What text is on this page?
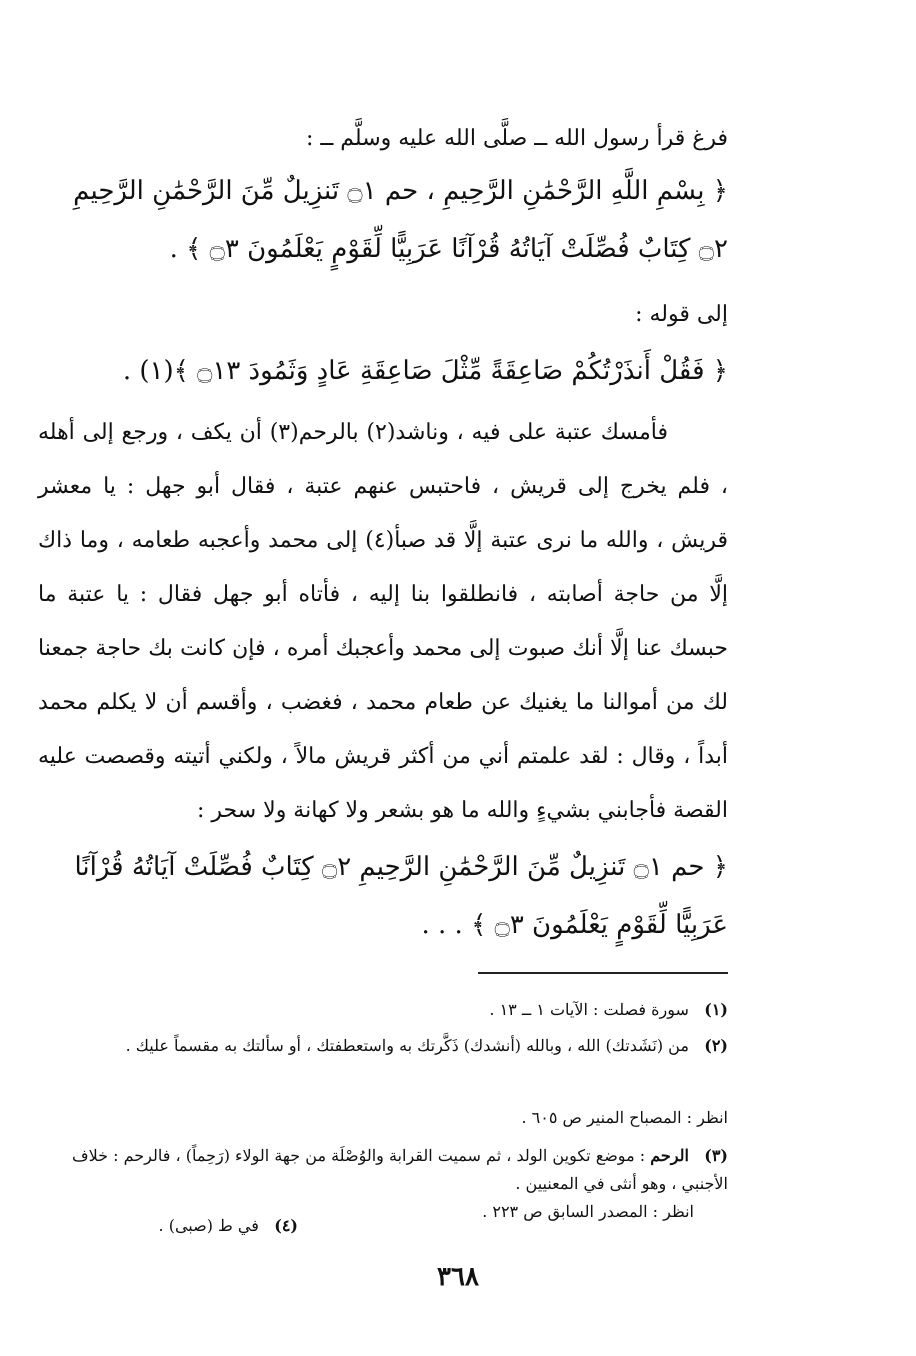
فرغ قرأ رسول الله ــ صلَّى الله عليه وسلَّم ــ :
﴿ بِسْمِ اللَّهِ الرَّحْمَٰنِ الرَّحِيمِ ، حم ۝١ تَنزِيلٌ مِّنَ الرَّحْمَٰنِ الرَّحِيمِ ۝٢ كِتَابٌ فُصِّلَتْ آيَاتُهُ قُرْآنًا عَرَبِيًّا لِّقَوْمٍ يَعْلَمُونَ ۝٣ ﴾ .
إلى قوله :
﴿ فَقُلْ أَنذَرْتُكُمْ صَاعِقَةً مِّثْلَ صَاعِقَةِ عَادٍ وَثَمُودَ ۝١٣ ﴾(١) .
فأمسك عتبة على فيه ، وناشد(٢) بالرحم(٣) أن يكف ، ورجع إلى أهله ، فلم يخرج إلى قريش ، فاحتبس عنهم عتبة ، فقال أبو جهل : يا معشر قريش ، والله ما نرى عتبة إلَّا قد صبأ(٤) إلى محمد وأعجبه طعامه ، وما ذاك إلَّا من حاجة أصابته ، فانطلقوا بنا إليه ، فأتاه أبو جهل فقال : يا عتبة ما حبسك عنا إلَّا أنك صبوت إلى محمد وأعجبك أمره ، فإن كانت بك حاجة جمعنا لك من أموالنا ما يغنيك عن طعام محمد ، فغضب ، وأقسم أن لا يكلم محمد أبداً ، وقال : لقد علمتم أني من أكثر قريش مالاً ، ولكني أتيته وقصصت عليه القصة فأجابني بشيءٍ والله ما هو بشعر ولا كهانة ولا سحر :
﴿ حم ۝١ تَنزِيلٌ مِّنَ الرَّحْمَٰنِ الرَّحِيمِ ۝٢ كِتَابٌ فُصِّلَتْ آيَاتُهُ قُرْآنًا عَرَبِيًّا لِّقَوْمٍ يَعْلَمُونَ ۝٣ ﴾ . . .
(١) سورة فصلت : الآيات ١ ــ ١٣ .
(٢) من (نَشَدتك) الله ، وبالله (أنشدك) ذَكَّرتك به واستعطفتك ، أو سألتك به مقسماً عليك .
انظر : المصباح المنير ص ٦٠٥ .
(٣) الرحم : موضع تكوين الولد ، ثم سميت القرابة والوُصْلَة من جهة الولاء (رَحِماً) ، فالرحم : خلاف الأجنبي ، وهو أنثى في المعنيين .
انظر : المصدر السابق ص ٢٢٣ .
(٤) في ط (صبى) .
٣٦٨
